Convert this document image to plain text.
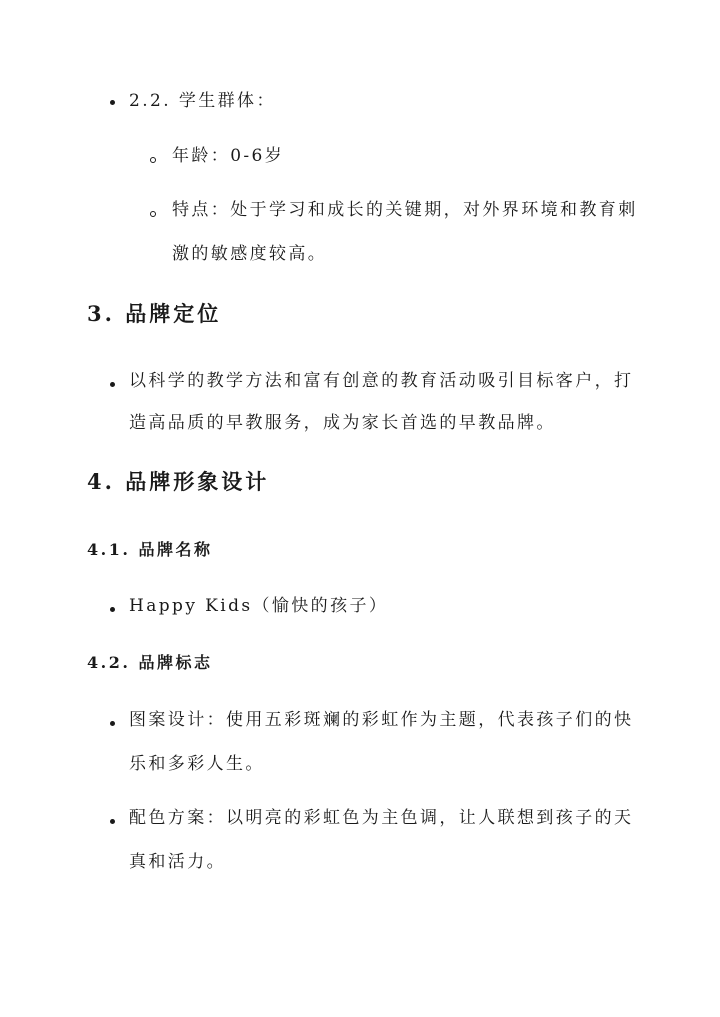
2.2. 学生群体：
年龄：0-6岁
特点：处于学习和成长的关键期，对外界环境和教育刺
激的敏感度较高。
3. 品牌定位
以科学的教学方法和富有创意的教育活动吸引目标客户，打
造高品质的早教服务，成为家长首选的早教品牌。
4. 品牌形象设计
4.1. 品牌名称
Happy Kids（愉快的孩子）
4.2. 品牌标志
图案设计：使用五彩斑斓的彩虹作为主题，代表孩子们的快
乐和多彩人生。
配色方案：以明亮的彩虹色为主色调，让人联想到孩子的天
真和活力。
